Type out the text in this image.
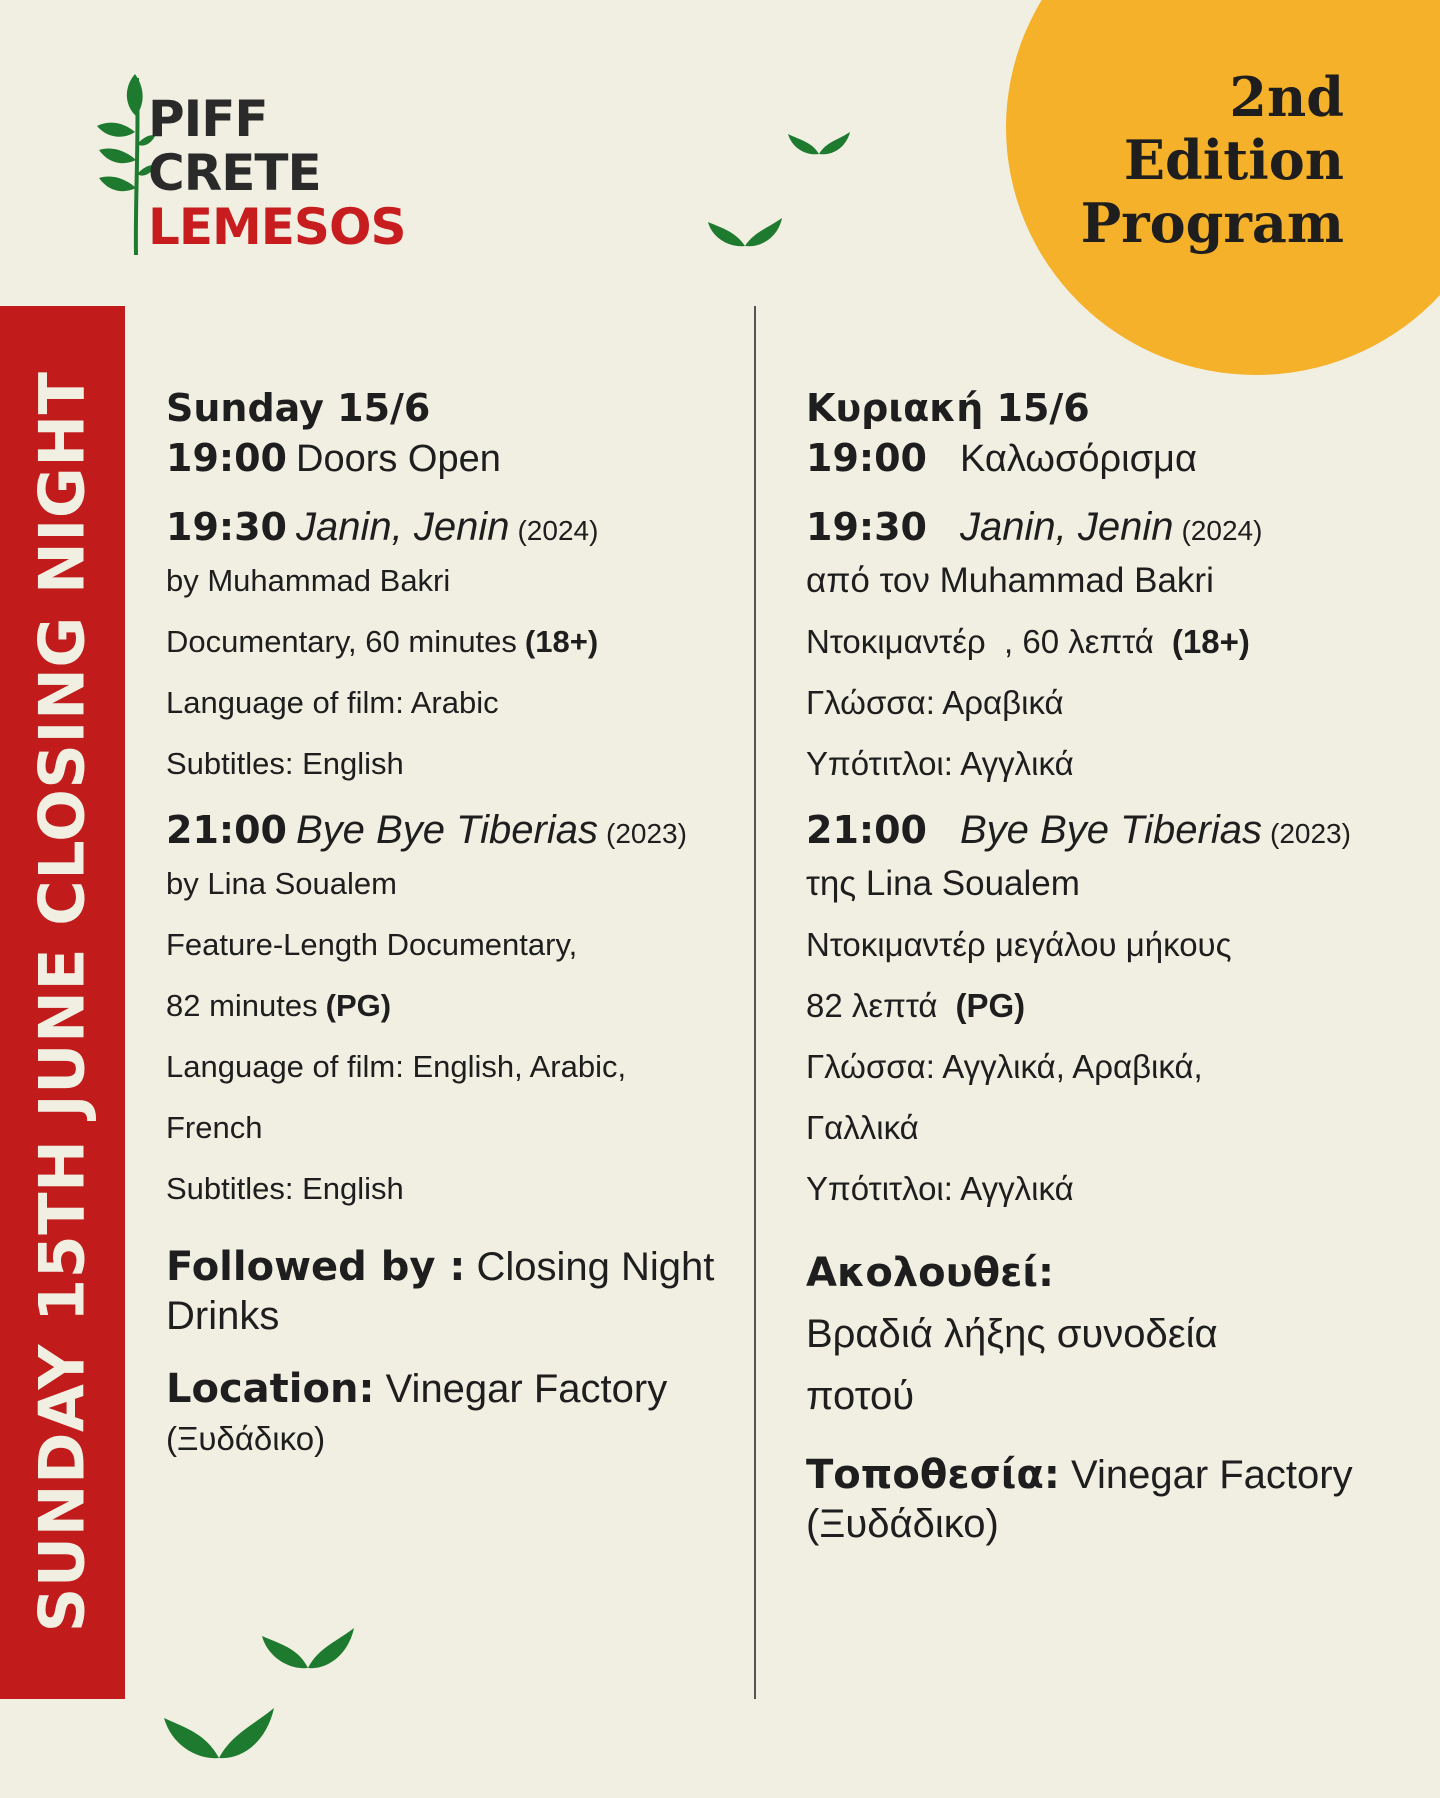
2nd
Edition
Program
PIFF
CRETE
LEMESOS
SUNDAY 15TH JUNE CLOSING NIGHT Sunday 15/6
19:00 Doors Open
19:30 Janin, Jenin (2024)
by Muhammad Bakri
Documentary, 60 minutes (18+)
Language of film: Arabic
Subtitles: English
21:00 Bye Bye Tiberias (2023)
by Lina Soualem
Feature-Length Documentary,
82 minutes (PG)
Language of film: English, Arabic,
French
Subtitles: English
Followed by : Closing Night
Drinks
Location: Vinegar Factory
(Ξυδάδικο)
Κυριακή 15/6
19:00 Καλωσόρισμα
19:30 Janin, Jenin (2024)
από τον Muhammad Bakri
Ντοκιμαντέρ  , 60 λεπτά (18+)
Γλώσσα: Αραβικά
Υπότιτλοι: Αγγλικά
21:00 Bye Bye Tiberias (2023)
της Lina Soualem
Ντοκιμαντέρ μεγάλου μήκους
82 λεπτά (PG)
Γλώσσα: Αγγλικά, Αραβικά,
Γαλλικά
Υπότιτλοι: Αγγλικά
Ακολουθεί:
Βραδιά λήξης συνοδεία
ποτού
Τοποθεσία: Vinegar Factory
(Ξυδάδικο)
